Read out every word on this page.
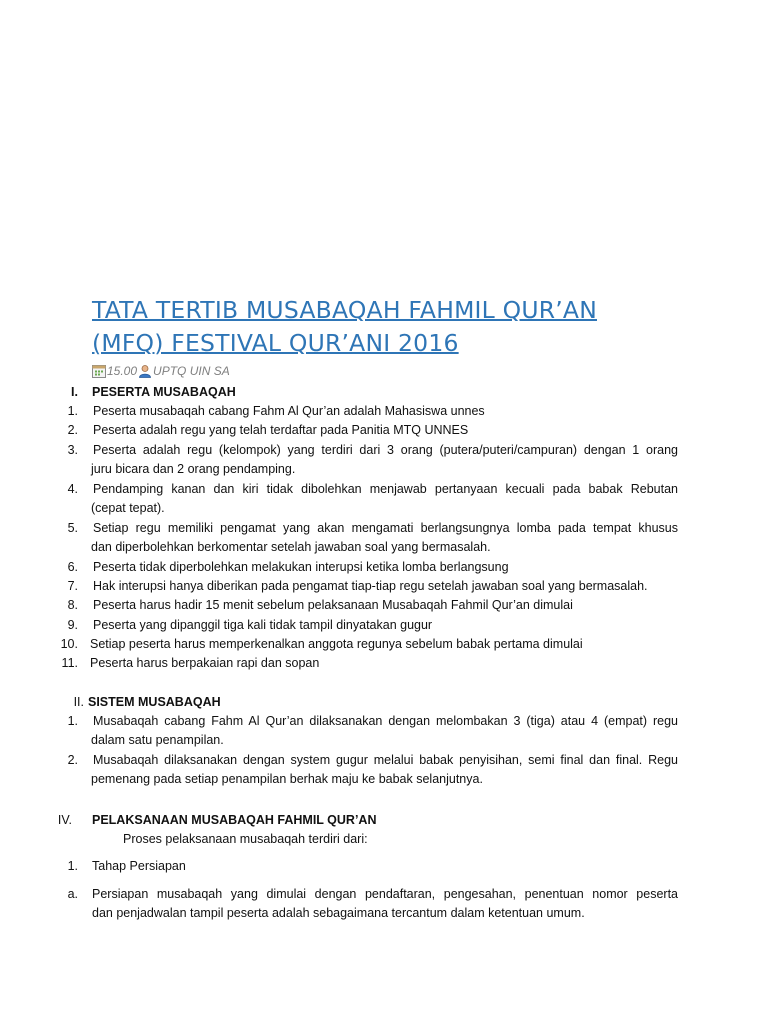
TATA TERTIB MUSABAQAH FAHMIL QUR’AN
(MFQ) FESTIVAL QUR’ANI 2016
15.00 UPTQ UIN SA
I. PESERTA MUSABAQAH
1. Peserta musabaqah cabang Fahm Al Qur’an adalah Mahasiswa unnes
2. Peserta adalah regu yang telah terdaftar pada Panitia MTQ UNNES
3. Peserta adalah regu (kelompok) yang terdiri dari 3 orang (putera/puteri/campuran) dengan 1 orang
juru bicara dan 2 orang pendamping.
4. Pendamping kanan dan kiri tidak dibolehkan menjawab pertanyaan kecuali pada babak Rebutan
(cepat tepat).
5. Setiap regu memiliki pengamat yang akan mengamati berlangsungnya lomba pada tempat khusus
dan diperbolehkan berkomentar setelah jawaban soal yang bermasalah.
6. Peserta tidak diperbolehkan melakukan interupsi ketika lomba berlangsung
7. Hak interupsi hanya diberikan pada pengamat tiap-tiap regu setelah jawaban soal yang bermasalah.
8. Peserta harus hadir 15 menit sebelum pelaksanaan Musabaqah Fahmil Qur’an dimulai
9. Peserta yang dipanggil tiga kali tidak tampil dinyatakan gugur
10. Setiap peserta harus memperkenalkan anggota regunya sebelum babak pertama dimulai
11. Peserta harus berpakaian rapi dan sopan
II. SISTEM MUSABAQAH
1. Musabaqah cabang Fahm Al Qur’an dilaksanakan dengan melombakan 3 (tiga) atau 4 (empat) regu
dalam satu penampilan.
2. Musabaqah dilaksanakan dengan system gugur melalui babak penyisihan, semi final dan final. Regu
pemenang pada setiap penampilan berhak maju ke babak selanjutnya.
IV. PELAKSANAAN MUSABAQAH FAHMIL QUR’AN
Proses pelaksanaan musabaqah terdiri dari:
1. Tahap Persiapan
a. Persiapan musabaqah yang dimulai dengan pendaftaran, pengesahan, penentuan nomor peserta
dan penjadwalan tampil peserta adalah sebagaimana tercantum dalam ketentuan umum.
